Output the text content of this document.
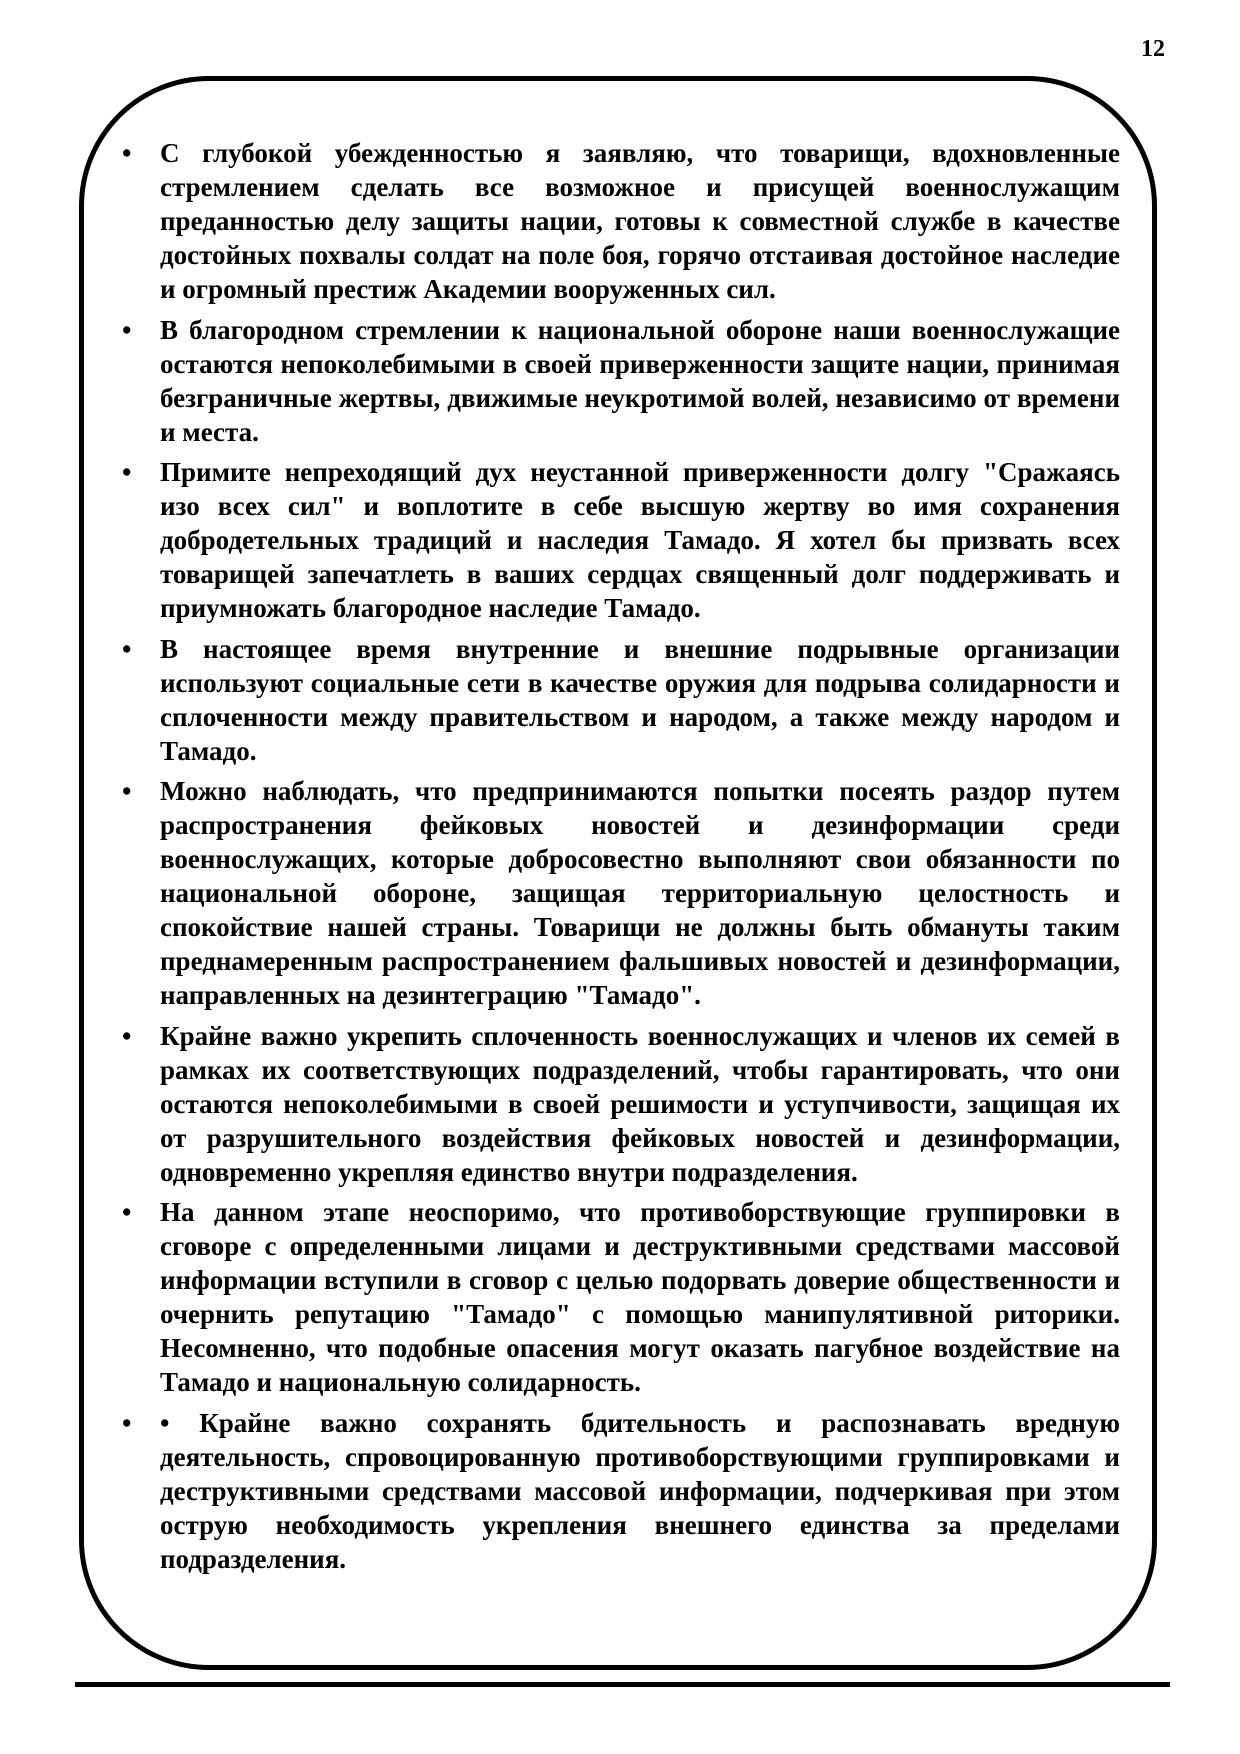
12
•	С глубокой убежденностью я заявляю, что товарищи, вдохновленные стремлением сделать все возможное и присущей военнослужащим преданностью делу защиты нации, готовы к совместной службе в качестве достойных похвалы солдат на поле боя, горячо отстаивая достойное наследие и огромный престиж Академии вооруженных сил.
•	В благородном стремлении к национальной обороне наши военнослужащие остаются непоколебимыми в своей приверженности защите нации, принимая безграничные жертвы, движимые неукротимой волей, независимо от времени и места.
•	Примите непреходящий дух неустанной приверженности долгу "Сражаясь изо всех сил" и воплотите в себе высшую жертву во имя сохранения добродетельных традиций и наследия Тамадо. Я хотел бы призвать всех товарищей запечатлеть в ваших сердцах священный долг поддерживать и приумножать благородное наследие Тамадо.
•	В настоящее время внутренние и внешние подрывные организации используют социальные сети в качестве оружия для подрыва солидарности и сплоченности между правительством и народом, а также между народом и Тамадо.
•	Можно наблюдать, что предпринимаются попытки посеять раздор путем распространения фейковых новостей и дезинформации среди военнослужащих, которые добросовестно выполняют свои обязанности по национальной обороне, защищая территориальную целостность и спокойствие нашей страны. Товарищи не должны быть обмануты таким преднамеренным распространением фальшивых новостей и дезинформации, направленных на дезинтеграцию "Тамадо".
•	Крайне важно укрепить сплоченность военнослужащих и членов их семей в рамках их соответствующих подразделений, чтобы гарантировать, что они остаются непоколебимыми в своей решимости и уступчивости, защищая их от разрушительного воздействия фейковых новостей и дезинформации, одновременно укрепляя единство внутри подразделения.
•	На данном этапе неоспоримо, что противоборствующие группировки в сговоре с определенными лицами и деструктивными средствами массовой информации вступили в сговор с целью подорвать доверие общественности и очернить репутацию "Тамадо" с помощью манипулятивной риторики. Несомненно, что подобные опасения могут оказать пагубное воздействие на Тамадо и национальную солидарность.
•	• Крайне важно сохранять бдительность и распознавать вредную деятельность, спровоцированную противоборствующими группировками и деструктивными средствами массовой информации, подчеркивая при этом острую необходимость укрепления внешнего единства за пределами подразделения.
